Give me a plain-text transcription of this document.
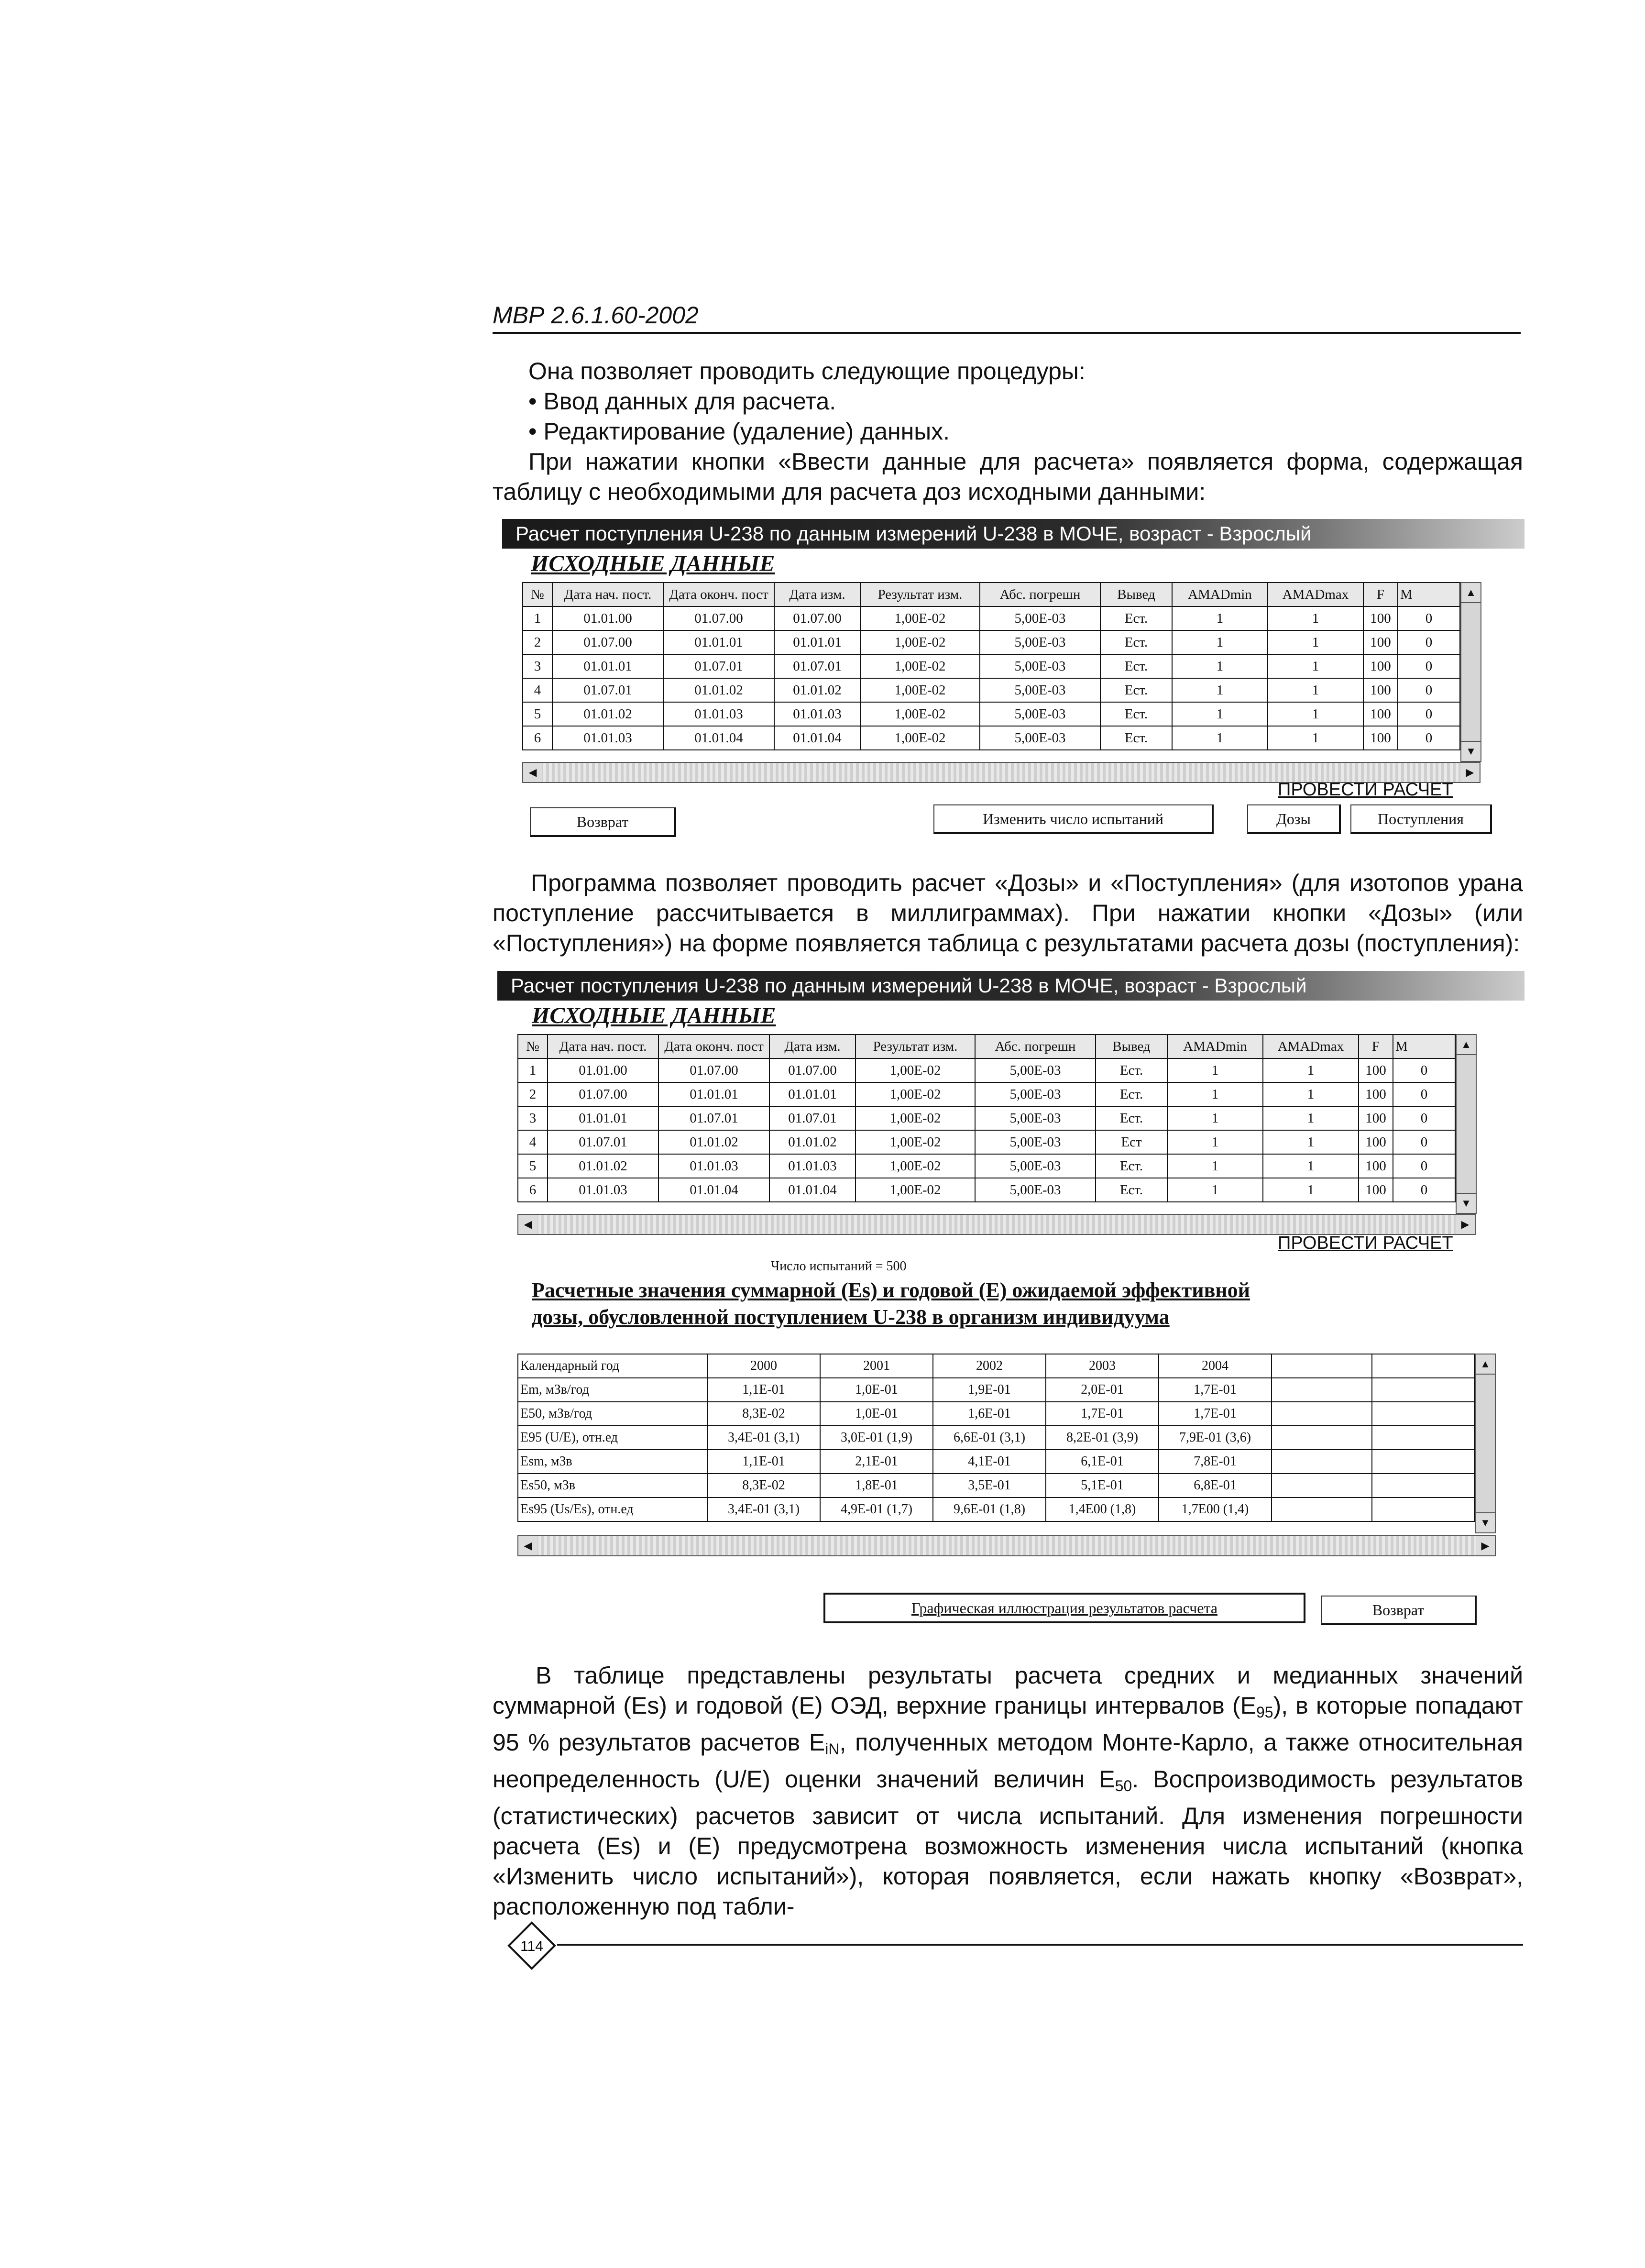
МВР 2.6.1.60-2002

Она позволяет проводить следующие процедуры:

• Ввод данных для расчета.

• Редактирование (удаление) данных.

При нажатии кнопки «Ввести данные для расчета» появляется форма, содержащая таблицу с необходимыми для расчета доз исходными данными:
Расчет поступления U-238 по данным измерений U-238 в МОЧЕ, возраст - Взрослый
ИСХОДНЫЕ ДАННЫЕ
№	Дата нач. пост.	Дата оконч. пост	Дата изм.	Результат изм.	Абс. погрешн	Вывед	AMADmin	AMADmax	F	M
1	01.01.00	01.07.00	01.07.00	1,00E-02	5,00E-03	Ест.	1	1	100	0
2	01.07.00	01.01.01	01.01.01	1,00E-02	5,00E-03	Ест.	1	1	100	0
3	01.01.01	01.07.01	01.07.01	1,00E-02	5,00E-03	Ест.	1	1	100	0
4	01.07.01	01.01.02	01.01.02	1,00E-02	5,00E-03	Ест.	1	1	100	0
5	01.01.02	01.01.03	01.01.03	1,00E-02	5,00E-03	Ест.	1	1	100	0
6	01.01.03	01.01.04	01.01.04	1,00E-02	5,00E-03	Ест.	1	1	100	0
▲
▼
◀	▶
ПРОВЕСТИ РАСЧЕТ
Возврат	Изменить число испытаний	Дозы	Поступления
Программа позволяет проводить расчет «Дозы» и «Поступления» (для изотопов урана поступление рассчитывается в миллиграммах). При нажатии кнопки «Дозы» (или «Поступления») на форме появляется таблица с результатами расчета дозы (поступления):
Расчет поступления U-238 по данным измерений U-238 в МОЧЕ, возраст - Взрослый
ИСХОДНЫЕ ДАННЫЕ
№	Дата нач. пост.	Дата оконч. пост	Дата изм.	Результат изм.	Абс. погрешн	Вывед	AMADmin	AMADmax	F	M
1	01.01.00	01.07.00	01.07.00	1,00E-02	5,00E-03	Ест.	1	1	100	0
2	01.07.00	01.01.01	01.01.01	1,00E-02	5,00E-03	Ест.	1	1	100	0
3	01.01.01	01.07.01	01.07.01	1,00E-02	5,00E-03	Ест.	1	1	100	0
4	01.07.01	01.01.02	01.01.02	1,00E-02	5,00E-03	Ест	1	1	100	0
5	01.01.02	01.01.03	01.01.03	1,00E-02	5,00E-03	Ест.	1	1	100	0
6	01.01.03	01.01.04	01.01.04	1,00E-02	5,00E-03	Ест.	1	1	100	0
▲
▼
◀	▶
ПРОВЕСТИ РАСЧЕТ
Число испытаний = 500
Расчетные значения суммарной (Es) и годовой (E) ожидаемой эффективной
дозы, обусловленной поступлением U-238 в организм индивидуума
Календарный год	2000	2001	2002	2003	2004		
Em, мЗв/год	1,1E-01	1,0E-01	1,9E-01	2,0E-01	1,7E-01		
E50, мЗв/год	8,3E-02	1,0E-01	1,6E-01	1,7E-01	1,7E-01		
E95 (U/E), отн.ед	3,4E-01 (3,1)	3,0E-01 (1,9)	6,6E-01 (3,1)	8,2E-01 (3,9)	7,9E-01 (3,6)		
Esm, мЗв	1,1E-01	2,1E-01	4,1E-01	6,1E-01	7,8E-01		
Es50, мЗв	8,3E-02	1,8E-01	3,5E-01	5,1E-01	6,8E-01		
Es95 (Us/Es), отн.ед	3,4E-01 (3,1)	4,9E-01 (1,7)	9,6E-01 (1,8)	1,4E00 (1,8)	1,7E00 (1,4)		
▲
▼
◀	▶
Графическая иллюстрация результатов расчета	Возврат
В таблице представлены результаты расчета средних и медианных значений суммарной (Es) и годовой (E) ОЭД, верхние границы интервалов $(E_{95})$, в которые попадают 95 % результатов расчетов $E_{iN}$, полученных методом Монте-Карло, а также относительная неопределенность (U/E) оценки значений величин $E_{50}$. Воспроизводимость результатов (статистических) расчетов зависит от числа испытаний. Для изменения погрешности расчета (Es) и (E) предусмотрена возможность изменения числа испытаний (кнопка «Изменить число испытаний»), которая появляется, если нажать кнопку «Возврат», расположенную под табли-
114
